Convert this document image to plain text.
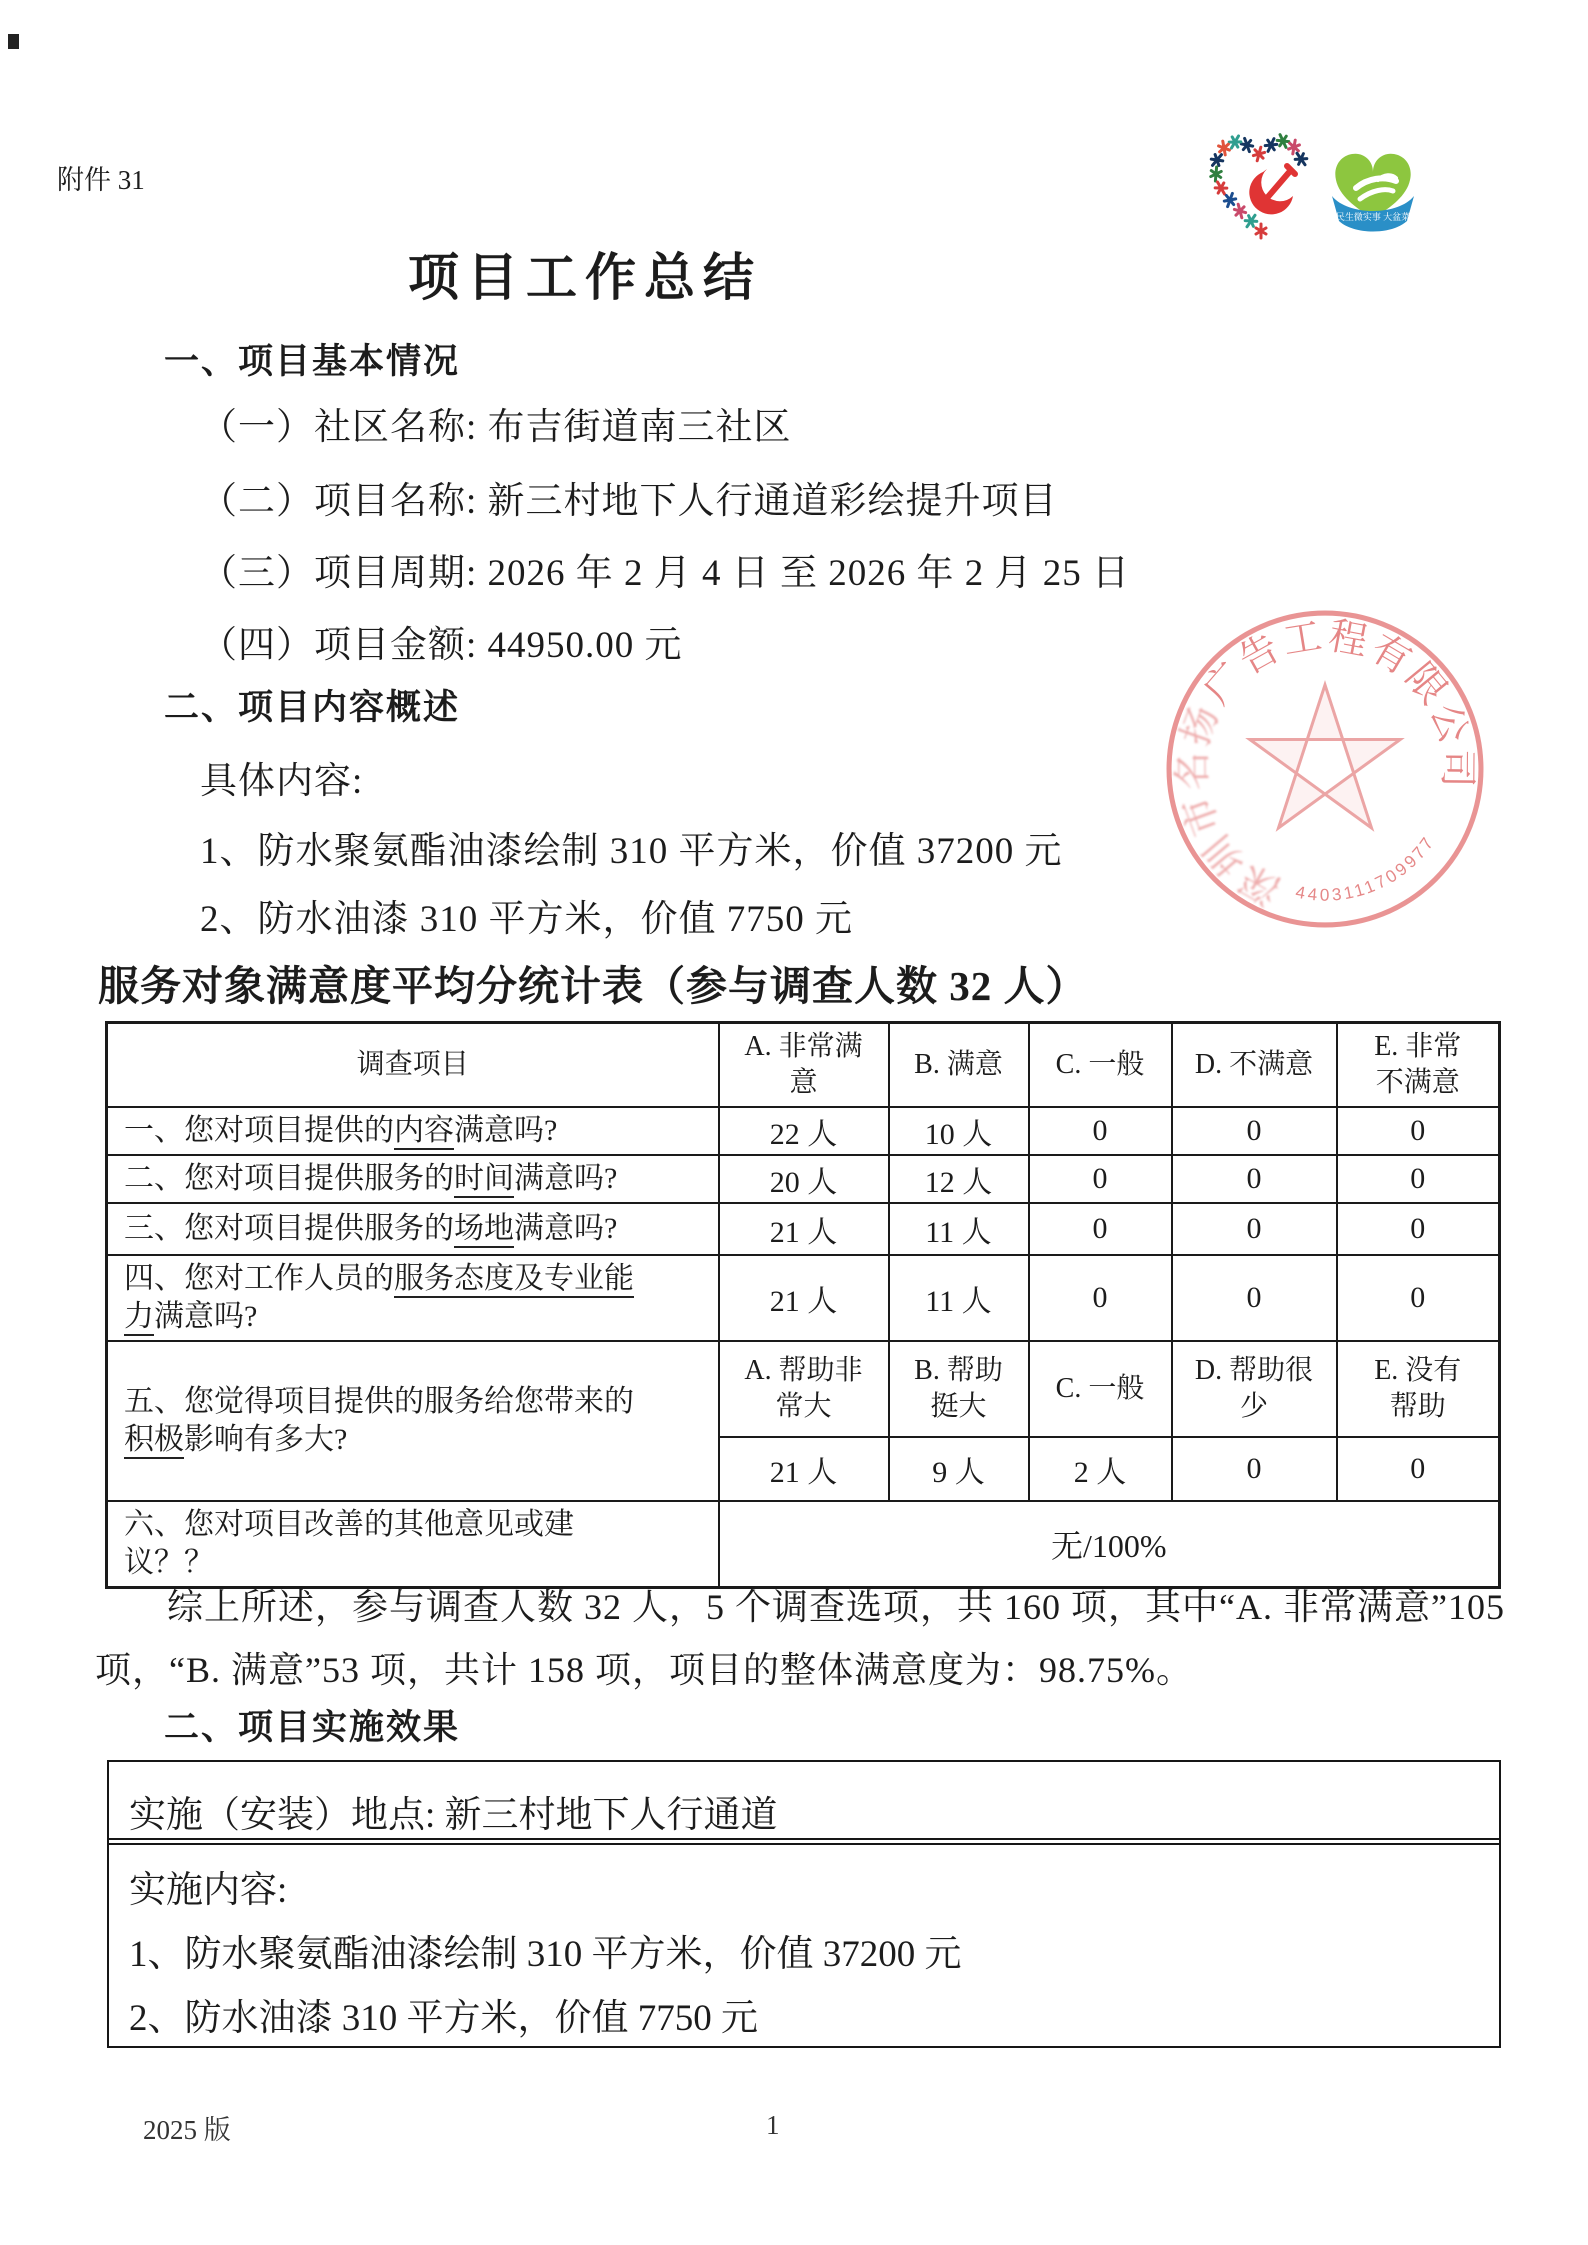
附件 31
民生微实事 大盆菜
项目工作总结
一、项目基本情况
（一）社区名称: 布吉街道南三社区
（二）项目名称: 新三村地下人行通道彩绘提升项目
（三）项目周期: 2026 年 2 月 4 日 至 2026 年 2 月 25 日
（四）项目金额: 44950.00 元
二、项目内容概述
具体内容:
1、防水聚氨酯油漆绘制 310 平方米，价值 37200 元
2、防水油漆 310 平方米，价值 7750 元
服务对象满意度平均分统计表（参与调查人数 32 人）
调查项目	A. 非常满意	B. 满意	C. 一般	D. 不满意	E. 非常不满意
一、您对项目提供的内容满意吗?	22 人	10 人	0	0	0
二、您对项目提供服务的时间满意吗?	20 人	12 人	0	0	0
三、您对项目提供服务的场地满意吗?	21 人	11 人	0	0	0
四、您对工作人员的服务态度及专业能力满意吗?	21 人	11 人	0	0	0
五、您觉得项目提供的服务给您带来的积极影响有多大?	A. 帮助非常大	B. 帮助挺大	C. 一般	D. 帮助很少	E. 没有帮助
	21 人	9 人	2 人	0	0
六、您对项目改善的其他意见或建议？？	无/100%				
综上所述，参与调查人数 32 人，5 个调查选项，共 160 项，其中“A. 非常满意”105 项，“B. 满意”53 项，共计 158 项，项目的整体满意度为：98.75%。
二、项目实施效果
实施（安装）地点: 新三村地下人行通道
实施内容:
1、防水聚氨酯油漆绘制 310 平方米，价值 37200 元
2、防水油漆 310 平方米，价值 7750 元
2025 版	1
深圳市名扬
广告工程有限公司
4403111709977
